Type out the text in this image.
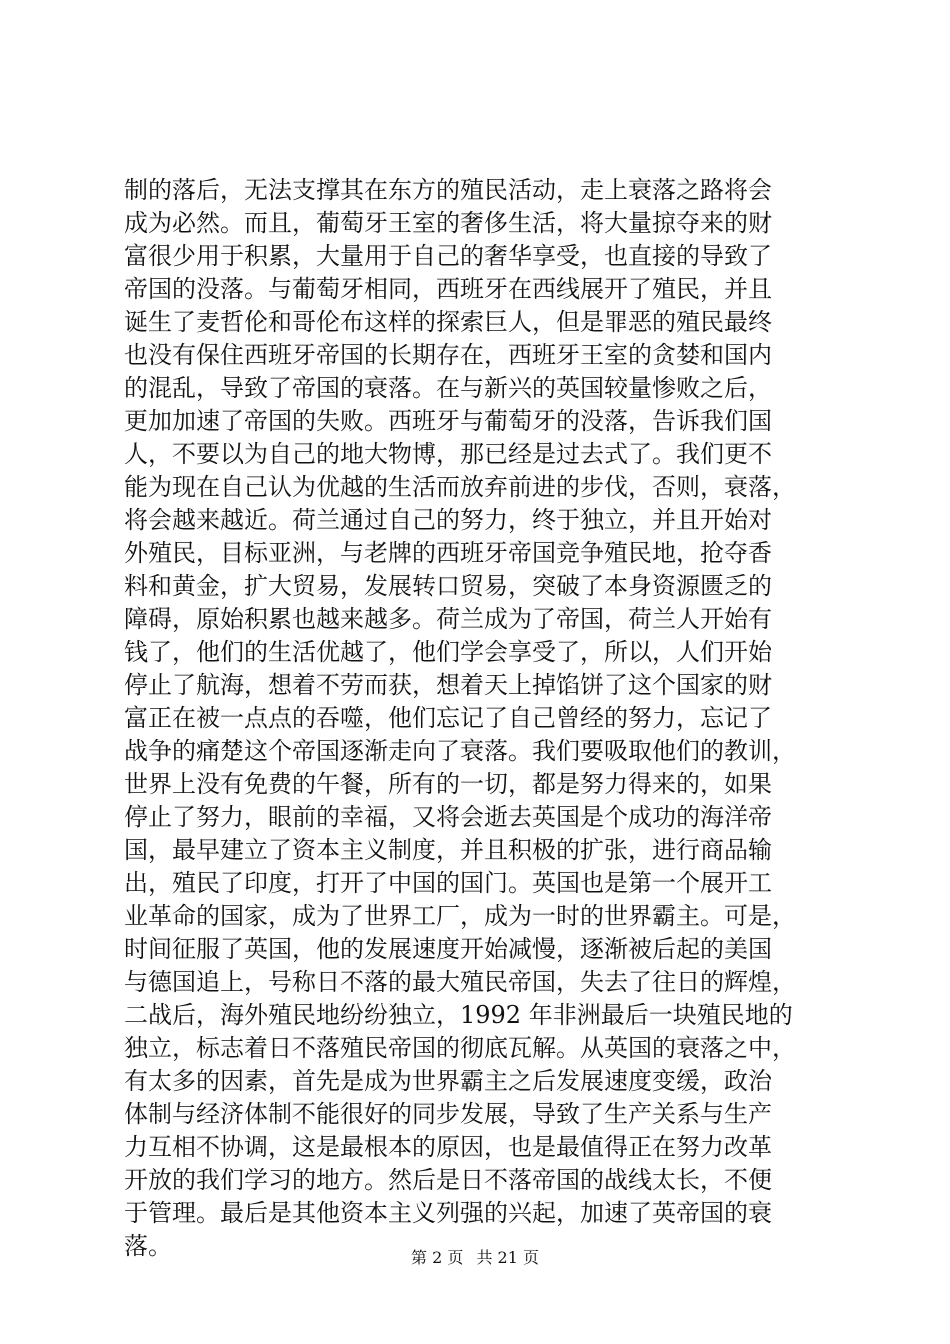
制的落后，无法支撑其在东方的殖民活动，走上衰落之路将会
成为必然。而且，葡萄牙王室的奢侈生活，将大量掠夺来的财
富很少用于积累，大量用于自己的奢华享受，也直接的导致了
帝国的没落。与葡萄牙相同，西班牙在西线展开了殖民，并且
诞生了麦哲伦和哥伦布这样的探索巨人，但是罪恶的殖民最终
也没有保住西班牙帝国的长期存在，西班牙王室的贪婪和国内
的混乱，导致了帝国的衰落。在与新兴的英国较量惨败之后，
更加加速了帝国的失败。西班牙与葡萄牙的没落，告诉我们国
人，不要以为自己的地大物博，那已经是过去式了。我们更不
能为现在自己认为优越的生活而放弃前进的步伐，否则，衰落，
将会越来越近。荷兰通过自己的努力，终于独立，并且开始对
外殖民，目标亚洲，与老牌的西班牙帝国竞争殖民地，抢夺香
料和黄金，扩大贸易，发展转口贸易，突破了本身资源匮乏的
障碍，原始积累也越来越多。荷兰成为了帝国，荷兰人开始有
钱了，他们的生活优越了，他们学会享受了，所以，人们开始
停止了航海，想着不劳而获，想着天上掉馅饼了这个国家的财
富正在被一点点的吞噬，他们忘记了自己曾经的努力，忘记了
战争的痛楚这个帝国逐渐走向了衰落。我们要吸取他们的教训，
世界上没有免费的午餐，所有的一切，都是努力得来的，如果
停止了努力，眼前的幸福，又将会逝去英国是个成功的海洋帝
国，最早建立了资本主义制度，并且积极的扩张，进行商品输
出，殖民了印度，打开了中国的国门。英国也是第一个展开工
业革命的国家，成为了世界工厂，成为一时的世界霸主。可是，
时间征服了英国，他的发展速度开始减慢，逐渐被后起的美国
与德国追上，号称日不落的最大殖民帝国，失去了往日的辉煌，
二战后，海外殖民地纷纷独立，1992 年非洲最后一块殖民地的
独立，标志着日不落殖民帝国的彻底瓦解。从英国的衰落之中，
有太多的因素，首先是成为世界霸主之后发展速度变缓，政治
体制与经济体制不能很好的同步发展，导致了生产关系与生产
力互相不协调，这是最根本的原因，也是最值得正在努力改革
开放的我们学习的地方。然后是日不落帝国的战线太长，不便
于管理。最后是其他资本主义列强的兴起，加速了英帝国的衰
落。	第 2 页 共 21 页
